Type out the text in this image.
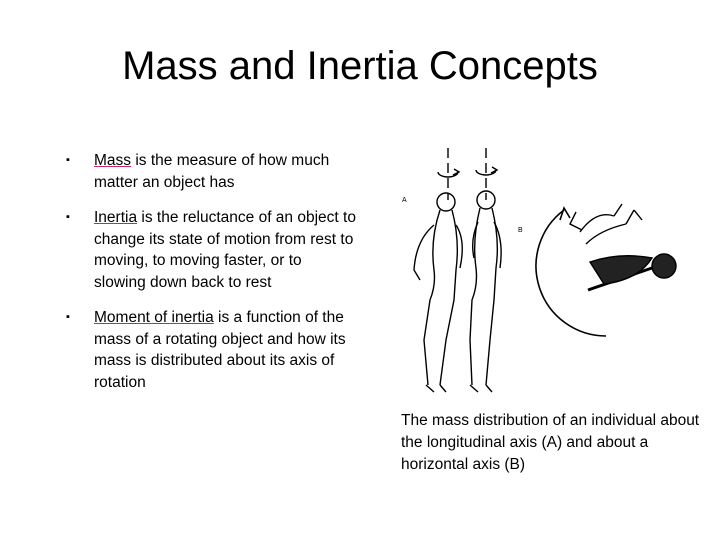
Mass and Inertia Concepts
▪ Mass is the measure of how much matter an object has
▪ Inertia is the reluctance of an object to change its state of motion from rest to moving, to moving faster, or to slowing down back to rest
▪ Moment of inertia is a function of the mass of a rotating object and how its mass is distributed about its axis of rotation
A
B
The mass distribution of an individual about the longitudinal axis (A) and about a horizontal axis (B)
